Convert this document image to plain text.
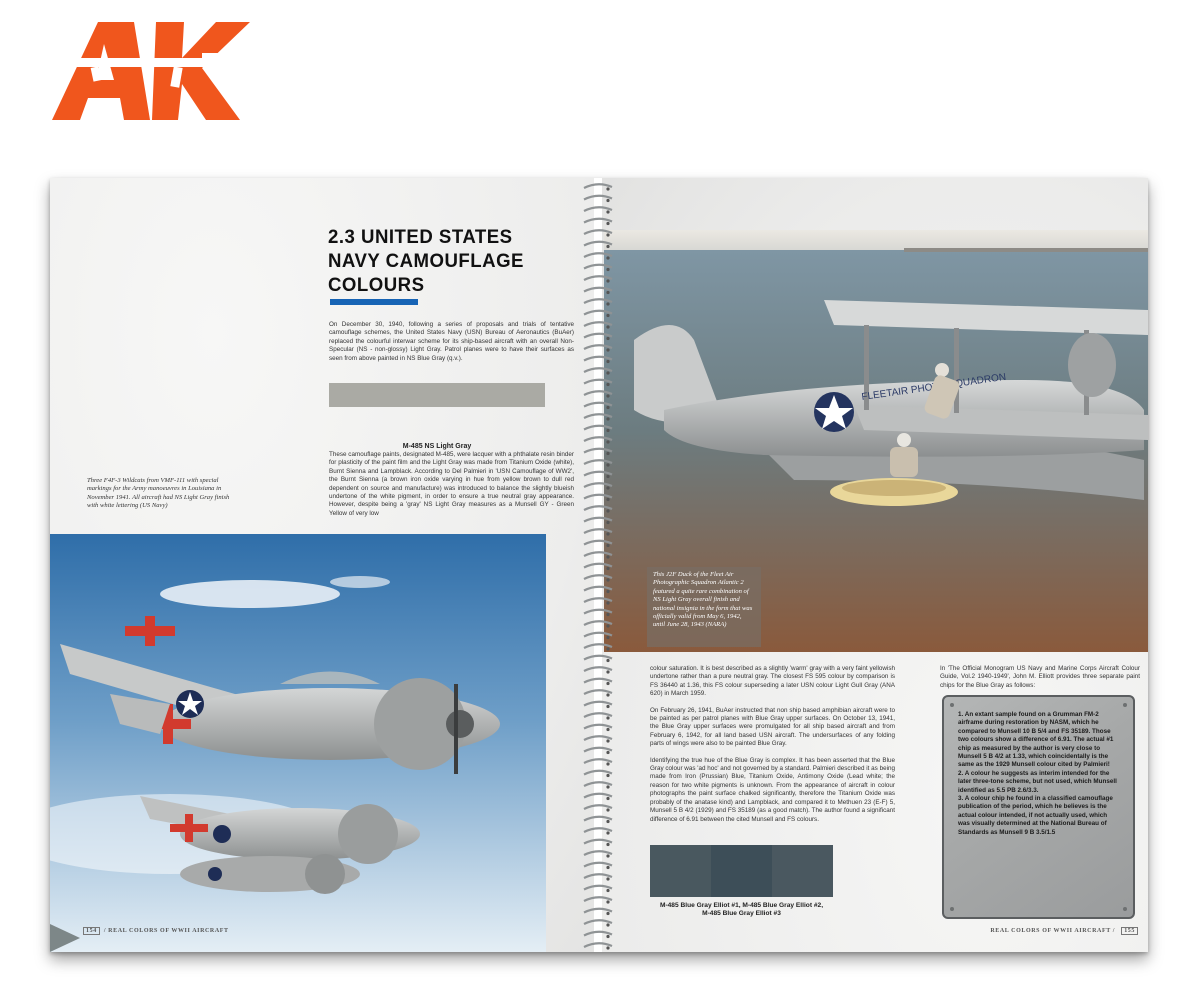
2.3 UNITED STATES
NAVY CAMOUFLAGE
COLOURS
On December 30, 1940, following a series of proposals and trials of tentative camouflage schemes, the United States Navy (USN) Bureau of Aeronautics (BuAer) replaced the colourful interwar scheme for its ship-based aircraft with an overall Non-Specular (NS - non-glossy) Light Gray. Patrol planes were to have their surfaces as seen from above painted in NS Blue Gray (q.v.).
M-485 NS Light Gray
These camouflage paints, designated M-485, were lacquer with a phthalate resin binder for plasticity of the paint film and the Light Gray was made from Titanium Oxide (white), Burnt Sienna and Lampblack. According to Del Palmieri in 'USN Camouflage of WW2', the Burnt Sienna (a brown iron oxide varying in hue from yellow brown to dull red dependent on source and manufacture) was introduced to balance the slightly blueish undertone of the white pigment, in order to ensure a true neutral gray appearance. However, despite being a 'gray' NS Light Gray measures as a Munsell GY - Green Yellow of very low
Three F4F-3 Wildcats from VMF-111 with special markings for the Army manoeuvres in Louisiana in November 1941. All aircraft had NS Light Gray finish with white lettering (US Navy)
154 / REAL COLORS OF WWII AIRCRAFT
FLEETAIR PHOTO SQUADRON
This J2F Duck of the Fleet Air Photographic Squadron Atlantic 2 featured a quite rare combination of NS Light Gray overall finish and national insignia in the form that was officially valid from May 6, 1942, until June 28, 1943 (NARA)

colour saturation. It is best described as a slightly 'warm' gray with a very faint yellowish undertone rather than a pure neutral gray. The closest FS 595 colour by comparison is FS 36440 at 1.36, this FS colour superseding a later USN colour Light Gull Gray (ANA 620) in March 1959.

On February 26, 1941, BuAer instructed that non ship based amphibian aircraft were to be painted as per patrol planes with Blue Gray upper surfaces. On October 13, 1941, the Blue Gray upper surfaces were promulgated for all ship based aircraft and from February 6, 1942, for all land based USN aircraft. The undersurfaces of any folding parts of wings were also to be painted Blue Gray.

Identifying the true hue of the Blue Gray is complex. It has been asserted that the Blue Gray colour was 'ad hoc' and not governed by a standard. Palmieri described it as being made from Iron (Prussian) Blue, Titanium Oxide, Antimony Oxide (Lead white; the reason for two white pigments is unknown. From the appearance of aircraft in colour photographs the paint surface chalked significantly, therefore the Titanium Oxide was probably of the anatase kind) and Lampblack, and compared it to Methuen 23 (E-F) 5, Munsell 5 B 4/2 (1929) and FS 35189 (as a good match). The author found a significant difference of 6.91 between the cited Munsell and FS colours.

M-485 Blue Gray Elliot #1, M-485 Blue Gray Elliot #2,
M-485 Blue Gray Elliot #3
In 'The Official Monogram US Navy and Marine Corps Aircraft Colour Guide, Vol.2 1940-1949', John M. Elliott provides three separate paint chips for the Blue Gray as follows:
1. An extant sample found on a Grumman FM-2 airframe during restoration by NASM, which he compared to Munsell 10 B 5/4 and FS 35189. Those two colours show a difference of 6.91. The actual #1 chip as measured by the author is very close to Munsell 5 B 4/2 at 1.33, which coincidentally is the same as the 1929 Munsell colour cited by Palmieri!
2. A colour he suggests as interim intended for the later three-tone scheme, but not used, which Munsell identified as 5.5 PB 2.6/3.3.
3. A colour chip he found in a classified camouflage publication of the period, which he believes is the actual colour intended, if not actually used, which was visually determined at the National Bureau of Standards as Munsell 9 B 3.5/1.5
REAL COLORS OF WWII AIRCRAFT / 155
